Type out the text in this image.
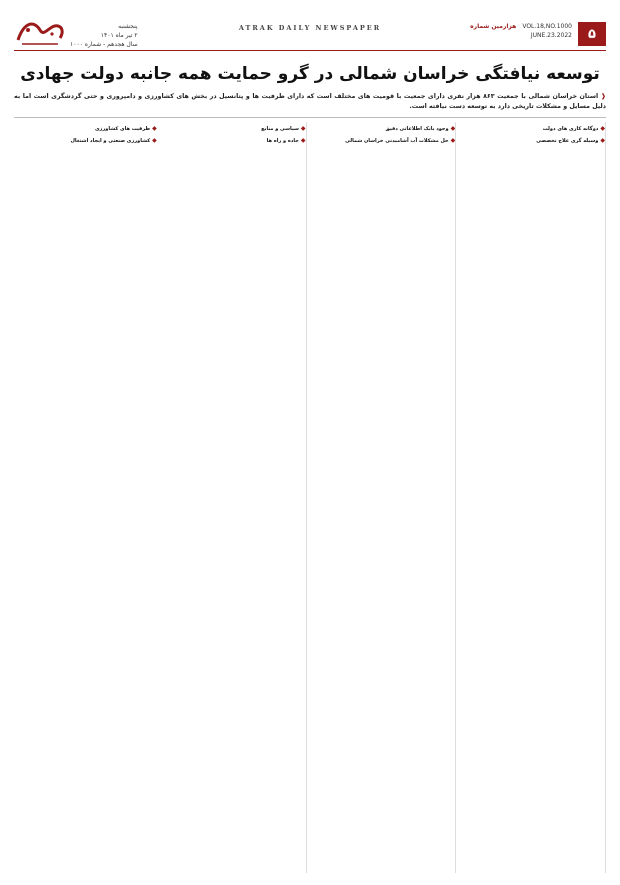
۵
هزارمین شماره VOL.18,NO.1000
JUNE.23.2022
ATRAK DAILY NEWSPAPER
پنجشنبه
۲ تیر ماه ۱۴۰۱
سال هجدهم - شماره ۱۰۰۰
توسعه نیافتگی خراسان شمالی در گرو حمایت همه جانبه دولت جهادی
❰ استان خراسان شمالی با جمعیت ۸۶۳ هزار نفری دارای جمعیت با قومیت های مختلف است که دارای ظرفیت ها و پتانسیل در بخش های کشاورزی و دامپروری و حتی گردشگری است اما به دلیل مسایل و مشکلات تاریخی دارد به توسعه دست نیافته است.
◆
ظرفیت های کشاورزی
◆
کشاورزی صنعتی و ایجاد اشتغال
◆
سیاسی و منابع
◆
جاده و راه ها
◆
وجود بانک اطلاعاتی دقیق
◆
حل مشکلات آب آشامیدنی خراسان شمالی
◆
دوگانه کاری های دولت
◆
وسیله گری علاج تخصصی
